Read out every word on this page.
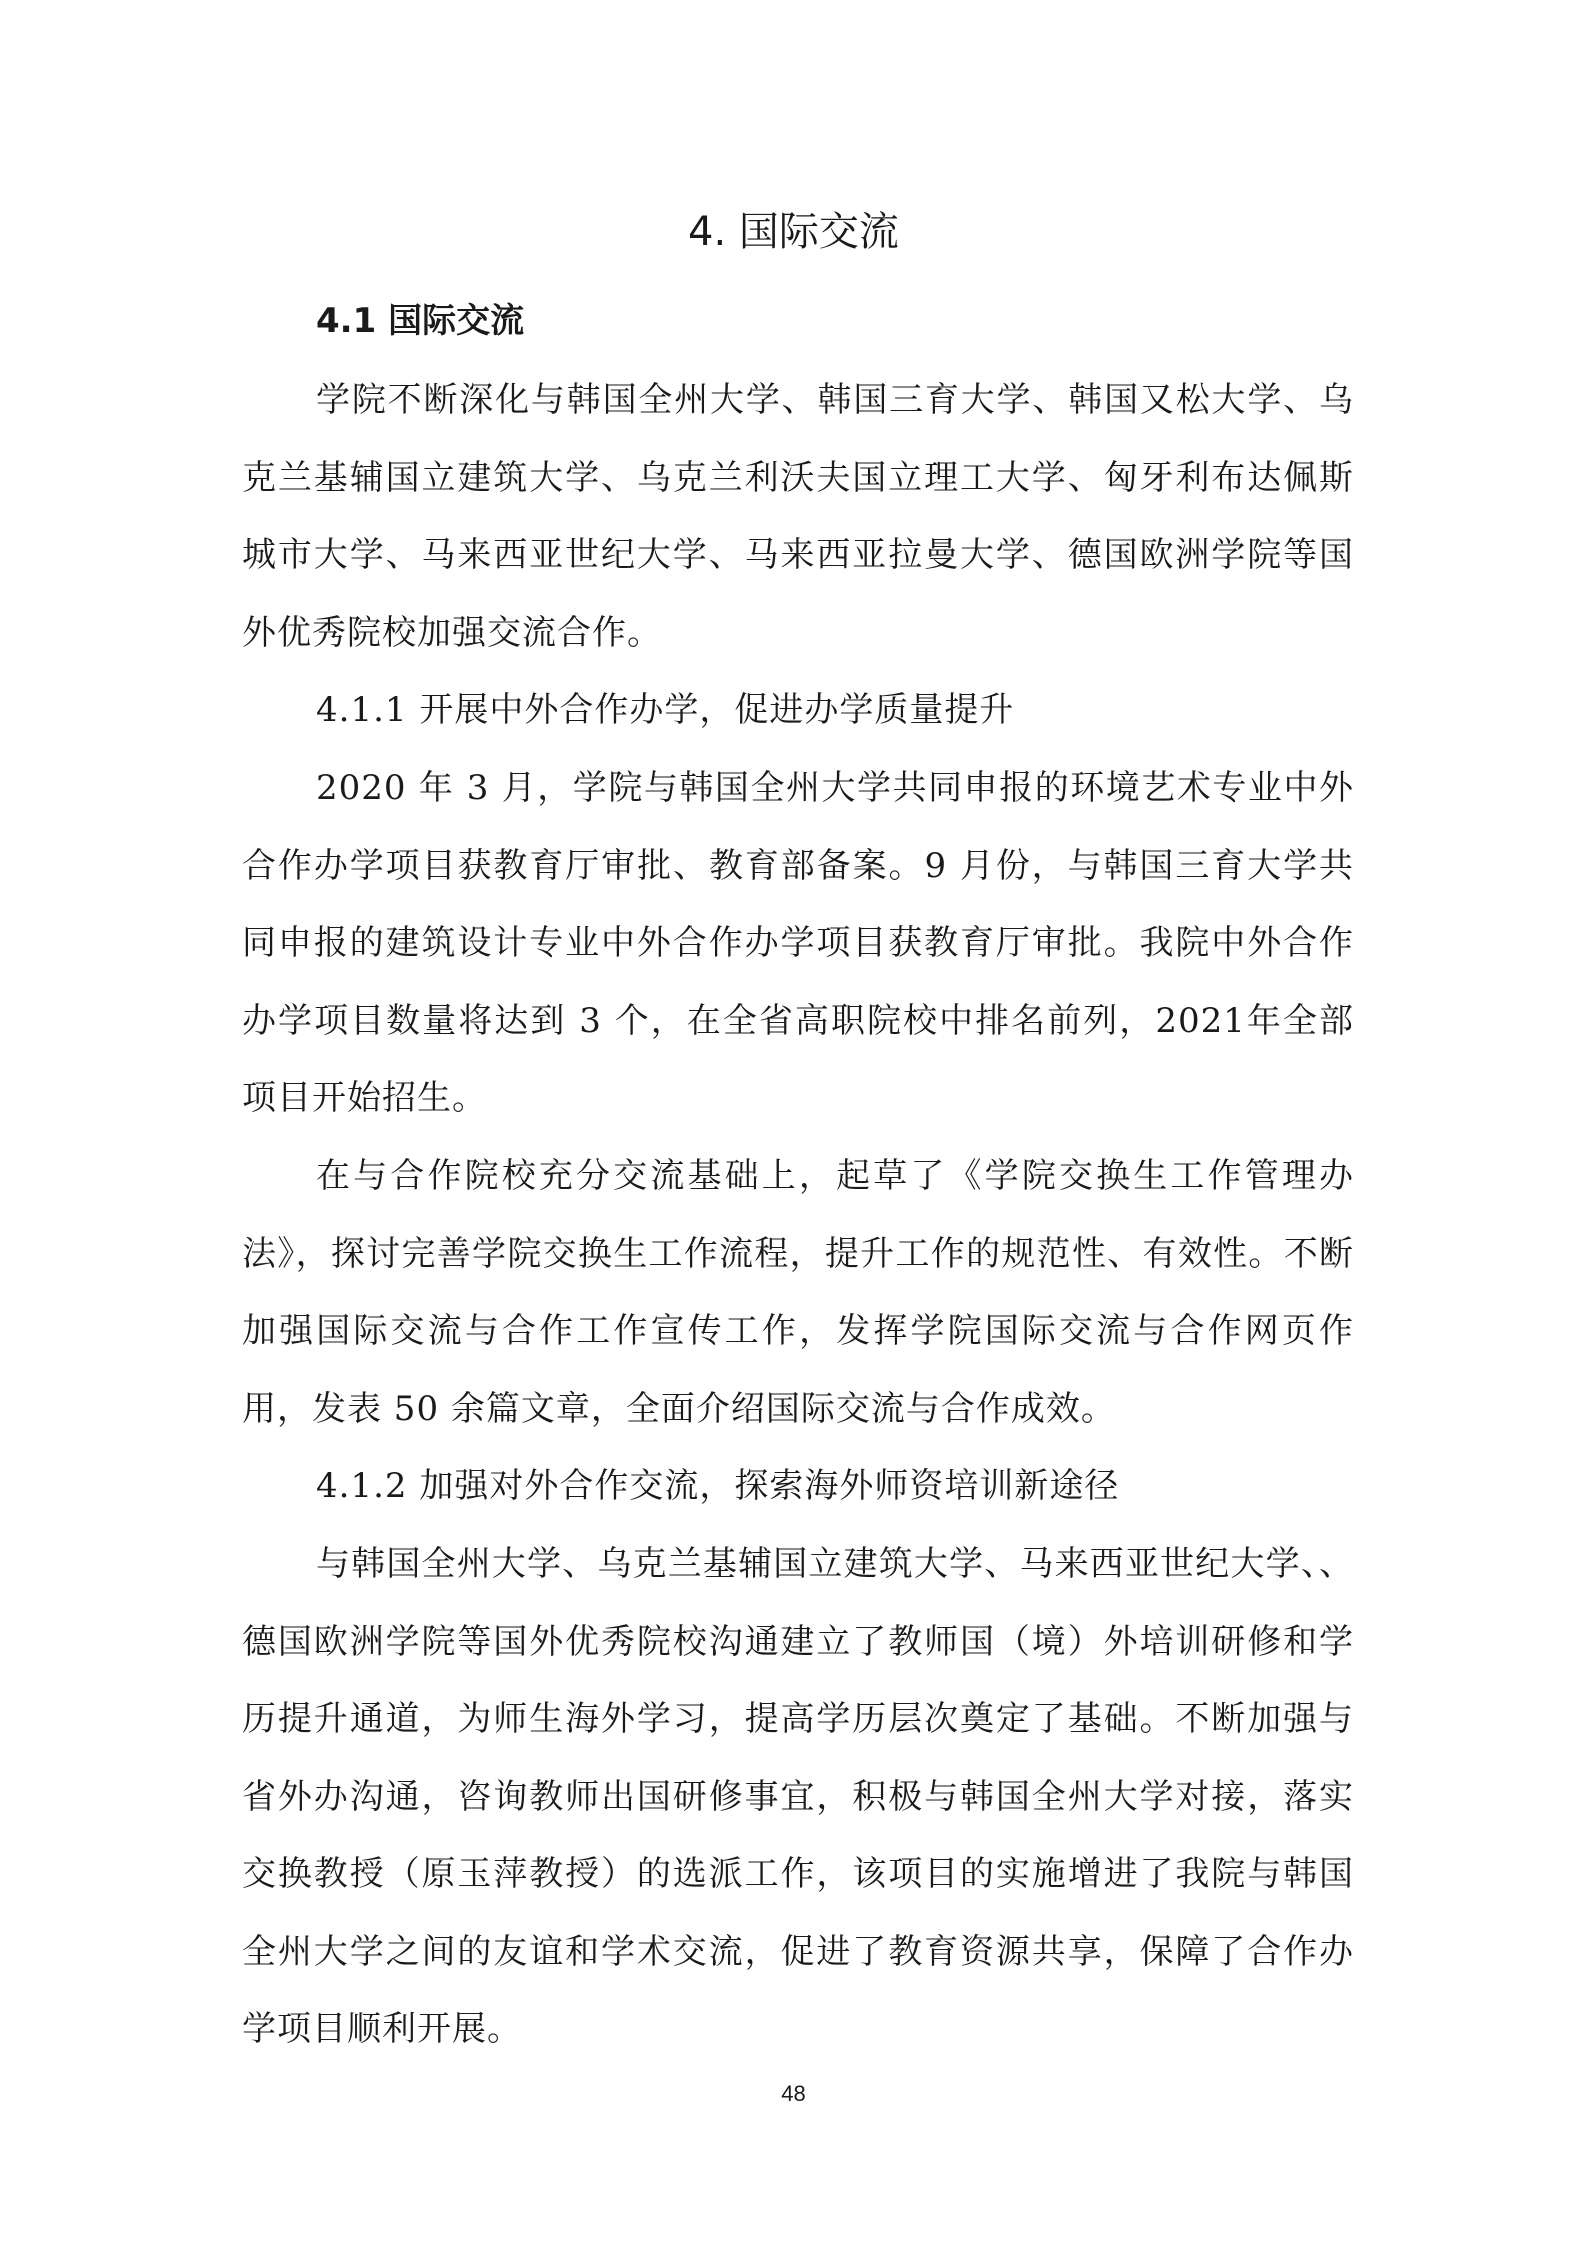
4. 国际交流
4.1 国际交流

学院不断深化与韩国全州大学、韩国三育大学、韩国又松大学、乌克兰基辅国立建筑大学、乌克兰利沃夫国立理工大学、匈牙利布达佩斯城市大学、马来西亚世纪大学、马来西亚拉曼大学、德国欧洲学院等国外优秀院校加强交流合作。

4.1.1 开展中外合作办学，促进办学质量提升

2020 年 3 月，学院与韩国全州大学共同申报的环境艺术专业中外合作办学项目获教育厅审批、教育部备案。9 月份，与韩国三育大学共同申报的建筑设计专业中外合作办学项目获教育厅审批。我院中外合作办学项目数量将达到 3 个，在全省高职院校中排名前列，2021年全部项目开始招生。

在与合作院校充分交流基础上，起草了《学院交换生工作管理办法》，探讨完善学院交换生工作流程，提升工作的规范性、有效性。不断加强国际交流与合作工作宣传工作，发挥学院国际交流与合作网页作用，发表 50 余篇文章，全面介绍国际交流与合作成效。

4.1.2 加强对外合作交流，探索海外师资培训新途径

与韩国全州大学、乌克兰基辅国立建筑大学、马来西亚世纪大学、、德国欧洲学院等国外优秀院校沟通建立了教师国（境）外培训研修和学历提升通道，为师生海外学习，提高学历层次奠定了基础。不断加强与省外办沟通，咨询教师出国研修事宜，积极与韩国全州大学对接，落实交换教授（原玉萍教授）的选派工作，该项目的实施增进了我院与韩国全州大学之间的友谊和学术交流，促进了教育资源共享，保障了合作办学项目顺利开展。

48
